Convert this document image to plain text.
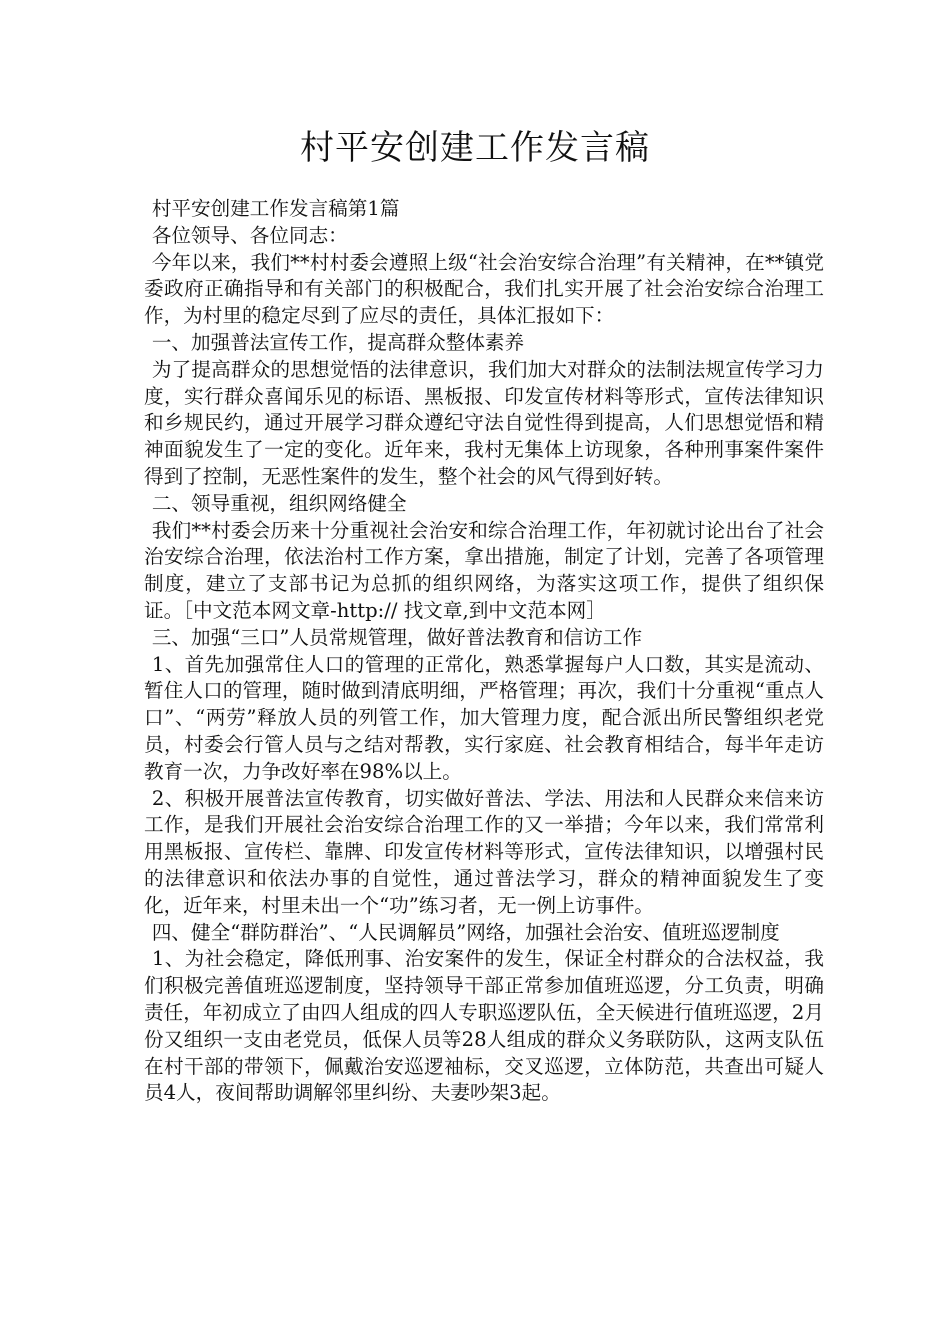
村平安创建工作发言稿

村平安创建工作发言稿第1篇

各位领导、各位同志：

今年以来，我们**村村委会遵照上级“社会治安综合治理”有关精神，在**镇党委政府正确指导和有关部门的积极配合，我们扎实开展了社会治安综合治理工作，为村里的稳定尽到了应尽的责任，具体汇报如下：

一、加强普法宣传工作，提高群众整体素养

为了提高群众的思想觉悟的法律意识，我们加大对群众的法制法规宣传学习力度，实行群众喜闻乐见的标语、黑板报、印发宣传材料等形式，宣传法律知识和乡规民约，通过开展学习群众遵纪守法自觉性得到提高，人们思想觉悟和精神面貌发生了一定的变化。近年来，我村无集体上访现象，各种刑事案件案件得到了控制，无恶性案件的发生，整个社会的风气得到好转。

二、领导重视，组织网络健全

我们**村委会历来十分重视社会治安和综合治理工作，年初就讨论出台了社会治安综合治理，依法治村工作方案，拿出措施，制定了计划，完善了各项管理制度，建立了支部书记为总抓的组织网络，为落实这项工作，提供了组织保证。［中文范本网文章-http:// 找文章,到中文范本网］

三、加强“三口”人员常规管理，做好普法教育和信访工作

1、首先加强常住人口的管理的正常化，熟悉掌握每户人口数，其实是流动、暂住人口的管理，随时做到清底明细，严格管理；再次，我们十分重视“重点人口”、“两劳”释放人员的列管工作，加大管理力度，配合派出所民警组织老党员，村委会行管人员与之结对帮教，实行家庭、社会教育相结合，每半年走访教育一次，力争改好率在98%以上。

2、积极开展普法宣传教育，切实做好普法、学法、用法和人民群众来信来访工作，是我们开展社会治安综合治理工作的又一举措；今年以来，我们常常利用黑板报、宣传栏、靠牌、印发宣传材料等形式，宣传法律知识，以增强村民的法律意识和依法办事的自觉性，通过普法学习，群众的精神面貌发生了变化，近年来，村里未出一个“功”练习者，无一例上访事件。

四、健全“群防群治”、“人民调解员”网络，加强社会治安、值班巡逻制度

1、为社会稳定，降低刑事、治安案件的发生，保证全村群众的合法权益，我们积极完善值班巡逻制度，坚持领导干部正常参加值班巡逻，分工负责，明确责任，年初成立了由四人组成的四人专职巡逻队伍，全天候进行值班巡逻，2月份又组织一支由老党员，低保人员等28人组成的群众义务联防队，这两支队伍在村干部的带领下，佩戴治安巡逻袖标，交叉巡逻，立体防范，共查出可疑人员4人，夜间帮助调解邻里纠纷、夫妻吵架3起。
